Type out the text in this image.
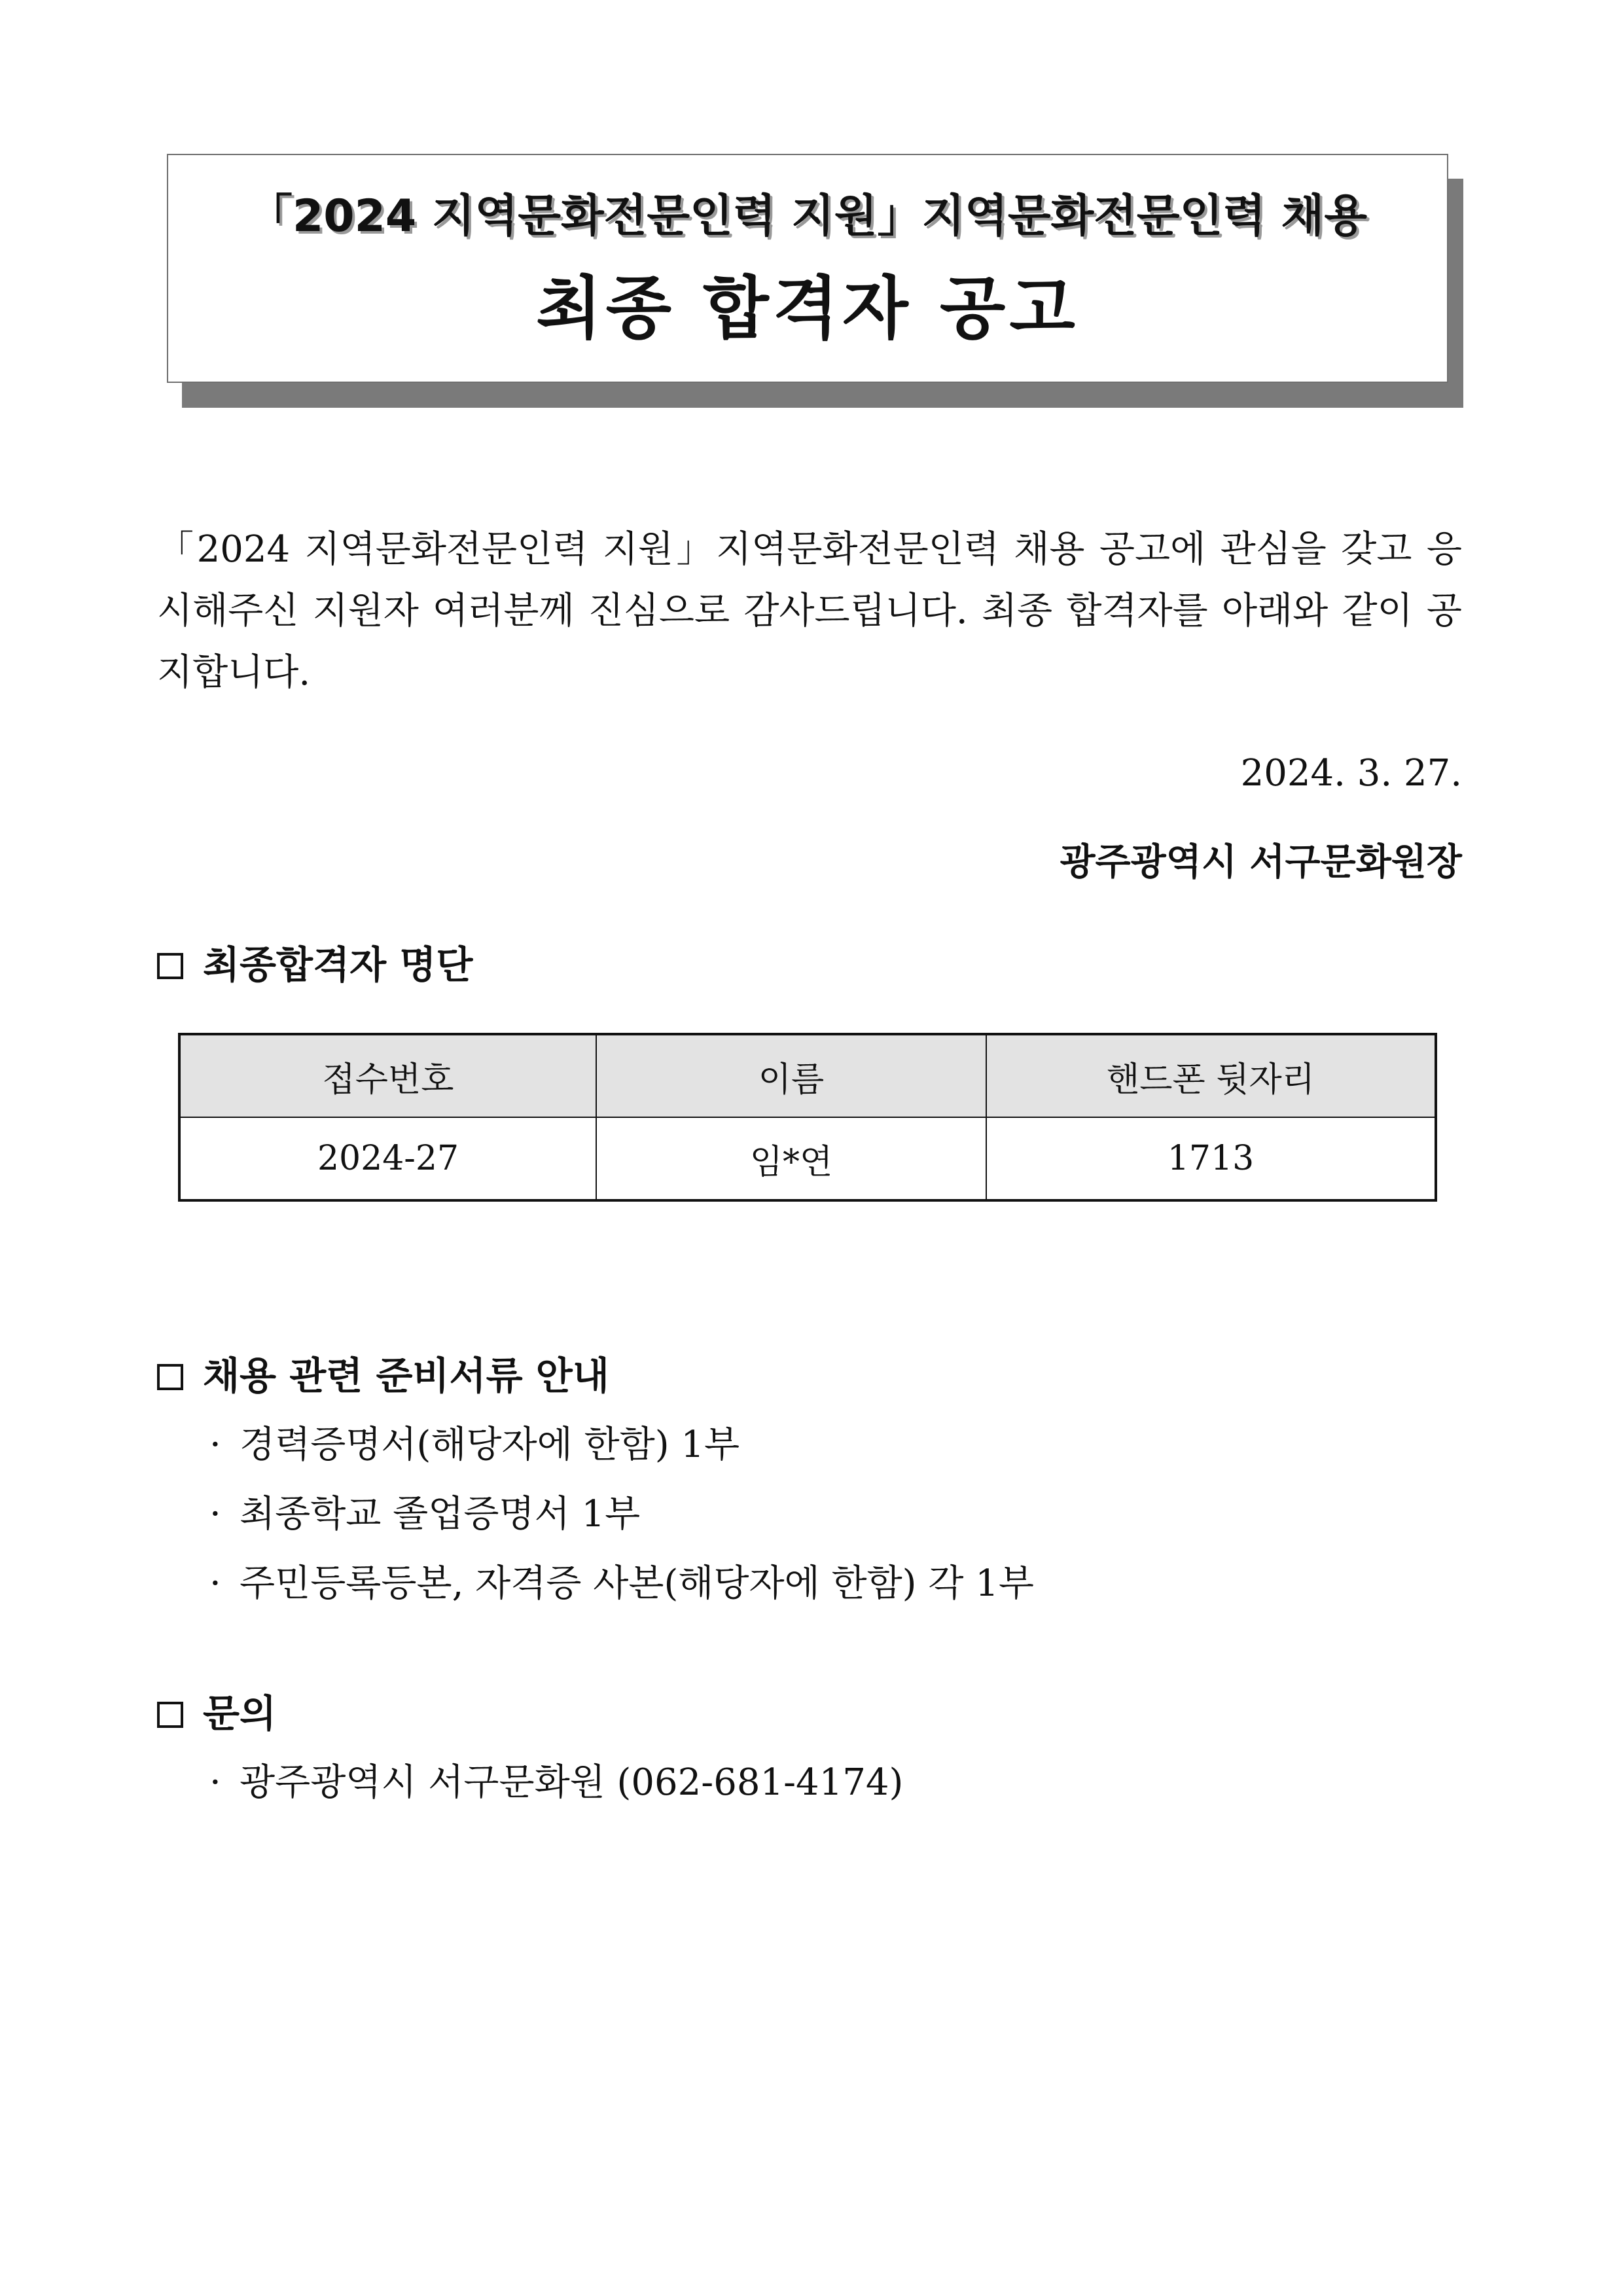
「2024 지역문화전문인력 지원」지역문화전문인력 채용
최종 합격자 공고
「2024 지역문화전문인력 지원」지역문화전문인력 채용 공고에 관심을 갖고 응시해주신 지원자 여러분께 진심으로 감사드립니다. 최종 합격자를 아래와 같이 공지합니다.
2024. 3. 27.
광주광역시 서구문화원장
최종합격자 명단
접수번호	이름	핸드폰 뒷자리
2024-27	임*연	1713
채용 관련 준비서류 안내
· 경력증명서(해당자에 한함) 1부
· 최종학교 졸업증명서 1부
· 주민등록등본, 자격증 사본(해당자에 한함) 각 1부
문의
· 광주광역시 서구문화원 (062-681-4174)
